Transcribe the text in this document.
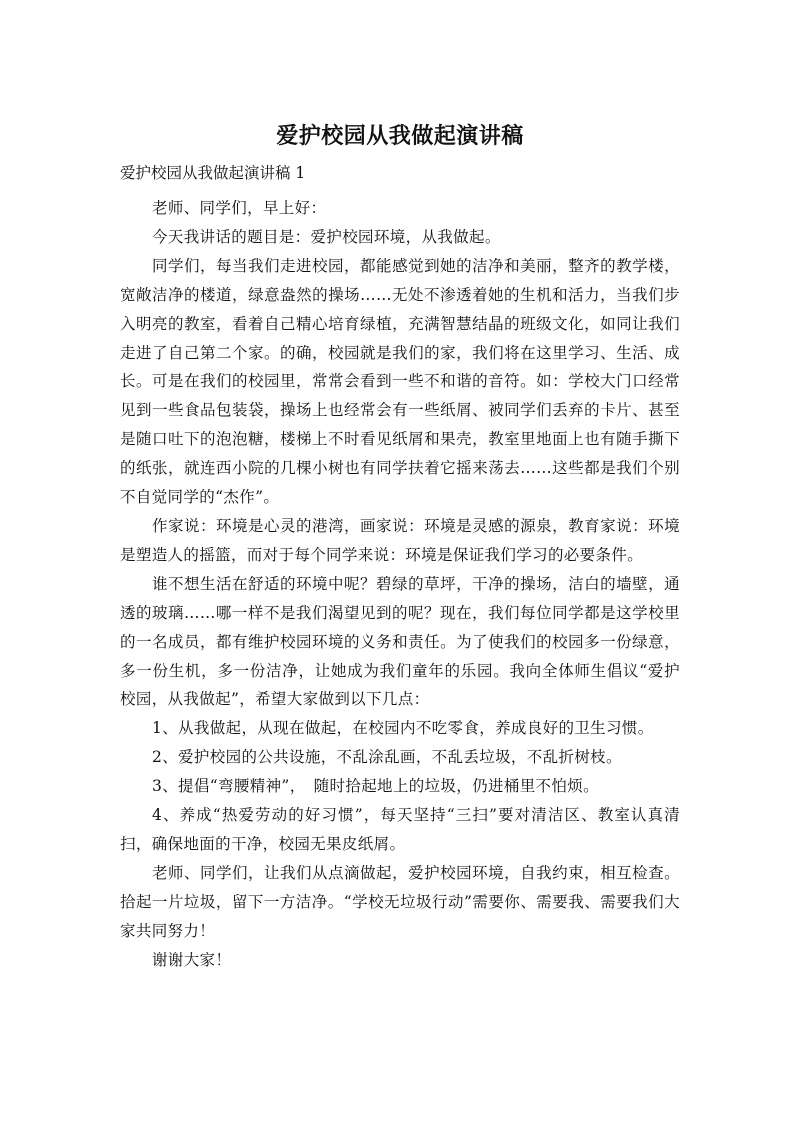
爱护校园从我做起演讲稿
爱护校园从我做起演讲稿 1

老师、同学们，早上好：

今天我讲话的题目是：爱护校园环境，从我做起。

同学们，每当我们走进校园，都能感觉到她的洁净和美丽，整齐的教学楼，宽敞洁净的楼道，绿意盎然的操场……无处不渗透着她的生机和活力，当我们步入明亮的教室，看着自己精心培育绿植，充满智慧结晶的班级文化，如同让我们走进了自己第二个家。的确，校园就是我们的家，我们将在这里学习、生活、成长。可是在我们的校园里，常常会看到一些不和谐的音符。如：学校大门口经常见到一些食品包装袋，操场上也经常会有一些纸屑、被同学们丢弃的卡片、甚至是随口吐下的泡泡糖，楼梯上不时看见纸屑和果壳，教室里地面上也有随手撕下的纸张，就连西小院的几棵小树也有同学扶着它摇来荡去……这些都是我们个别不自觉同学的“杰作”。

作家说：环境是心灵的港湾，画家说：环境是灵感的源泉，教育家说：环境是塑造人的摇篮，而对于每个同学来说：环境是保证我们学习的必要条件。

谁不想生活在舒适的环境中呢？碧绿的草坪，干净的操场，洁白的墙壁，通透的玻璃……哪一样不是我们渴望见到的呢？现在，我们每位同学都是这学校里的一名成员，都有维护校园环境的义务和责任。为了使我们的校园多一份绿意，多一份生机，多一份洁净，让她成为我们童年的乐园。我向全体师生倡议“爱护校园，从我做起”，希望大家做到以下几点：

1、从我做起，从现在做起，在校园内不吃零食，养成良好的卫生习惯。

2、爱护校园的公共设施，不乱涂乱画，不乱丢垃圾，不乱折树枝。

3、提倡“弯腰精神”，　随时拾起地上的垃圾，仍进桶里不怕烦。

4、养成“热爱劳动的好习惯”，每天坚持“三扫”要对清洁区、教室认真清扫，确保地面的干净，校园无果皮纸屑。

老师、同学们，让我们从点滴做起，爱护校园环境，自我约束，相互检查。拾起一片垃圾，留下一方洁净。“学校无垃圾行动”需要你、需要我、需要我们大家共同努力！

谢谢大家！
